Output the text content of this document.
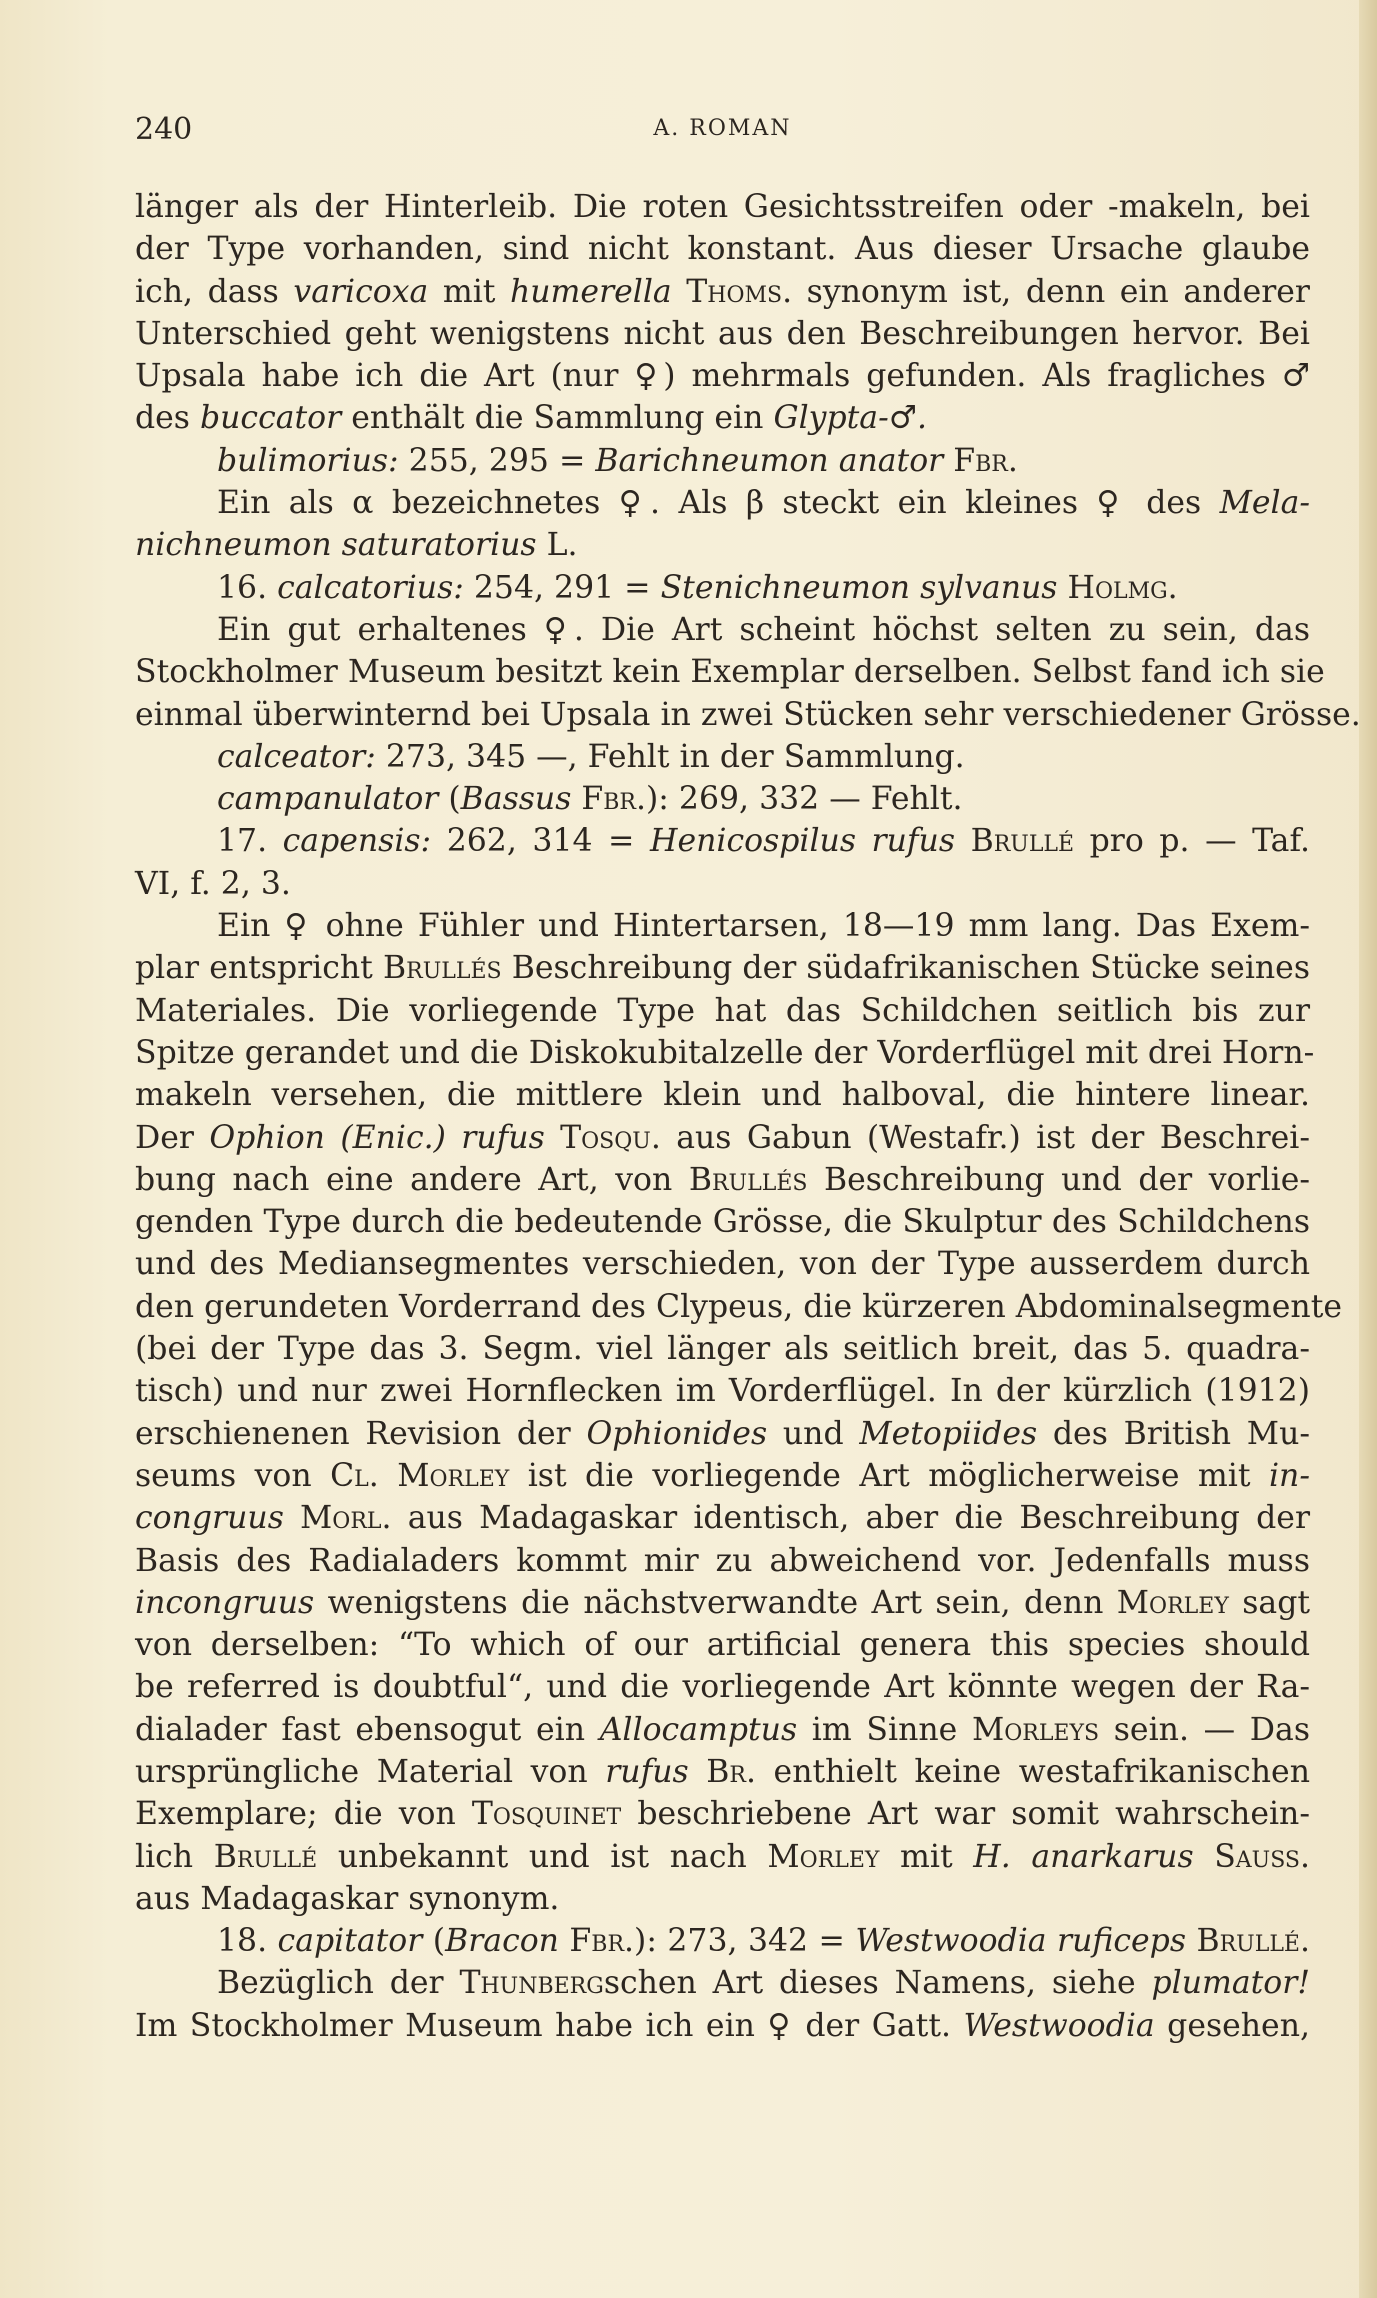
240	A. ROMAN
länger als der Hinterleib. Die roten Gesichtsstreifen oder -makeln, bei
der Type vorhanden, sind nicht konstant. Aus dieser Ursache glaube
ich, dass varicoxa mit humerella Thoms. synonym ist, denn ein anderer
Unterschied geht wenigstens nicht aus den Beschreibungen hervor. Bei
Upsala habe ich die Art (nur ♀) mehrmals gefunden. Als fragliches ♂
des buccator enthält die Sammlung ein Glypta-♂.
bulimorius: 255, 295 = Barichneumon anator Fbr.
Ein als α bezeichnetes ♀. Als β steckt ein kleines ♀ des Mela-
nichneumon saturatorius L.
16. calcatorius: 254, 291 = Stenichneumon sylvanus Holmg.
Ein gut erhaltenes ♀. Die Art scheint höchst selten zu sein, das
Stockholmer Museum besitzt kein Exemplar derselben. Selbst fand ich sie
einmal überwinternd bei Upsala in zwei Stücken sehr verschiedener Grösse.
calceator: 273, 345 —, Fehlt in der Sammlung.
campanulator (Bassus Fbr.): 269, 332 — Fehlt.
17. capensis: 262, 314 = Henicospilus rufus Brullé pro p. — Taf.
VI, f. 2, 3.
Ein ♀ ohne Fühler und Hintertarsen, 18—19 mm lang. Das Exem-
plar entspricht Brullés Beschreibung der südafrikanischen Stücke seines
Materiales. Die vorliegende Type hat das Schildchen seitlich bis zur
Spitze gerandet und die Diskokubitalzelle der Vorderflügel mit drei Horn-
makeln versehen, die mittlere klein und halboval, die hintere linear.
Der Ophion (Enic.) rufus Tosqu. aus Gabun (Westafr.) ist der Beschrei-
bung nach eine andere Art, von Brullés Beschreibung und der vorlie-
genden Type durch die bedeutende Grösse, die Skulptur des Schildchens
und des Mediansegmentes verschieden, von der Type ausserdem durch
den gerundeten Vorderrand des Clypeus, die kürzeren Abdominalsegmente
(bei der Type das 3. Segm. viel länger als seitlich breit, das 5. quadra-
tisch) und nur zwei Hornflecken im Vorderflügel. In der kürzlich (1912)
erschienenen Revision der Ophionides und Metopiides des British Mu-
seums von Cl. Morley ist die vorliegende Art möglicherweise mit in-
congruus Morl. aus Madagaskar identisch, aber die Beschreibung der
Basis des Radialaders kommt mir zu abweichend vor. Jedenfalls muss
incongruus wenigstens die nächstverwandte Art sein, denn Morley sagt
von derselben: “To which of our artificial genera this species should
be referred is doubtful“, und die vorliegende Art könnte wegen der Ra-
dialader fast ebensogut ein Allocamptus im Sinne Morleys sein. — Das
ursprüngliche Material von rufus Br. enthielt keine westafrikanischen
Exemplare; die von Tosquinet beschriebene Art war somit wahrschein-
lich Brullé unbekannt und ist nach Morley mit H. anarkarus Sauss.
aus Madagaskar synonym.
18. capitator (Bracon Fbr.): 273, 342 = Westwoodia ruficeps Brullé.
Bezüglich der Thunbergschen Art dieses Namens, siehe plumator!
Im Stockholmer Museum habe ich ein ♀ der Gatt. Westwoodia gesehen,
